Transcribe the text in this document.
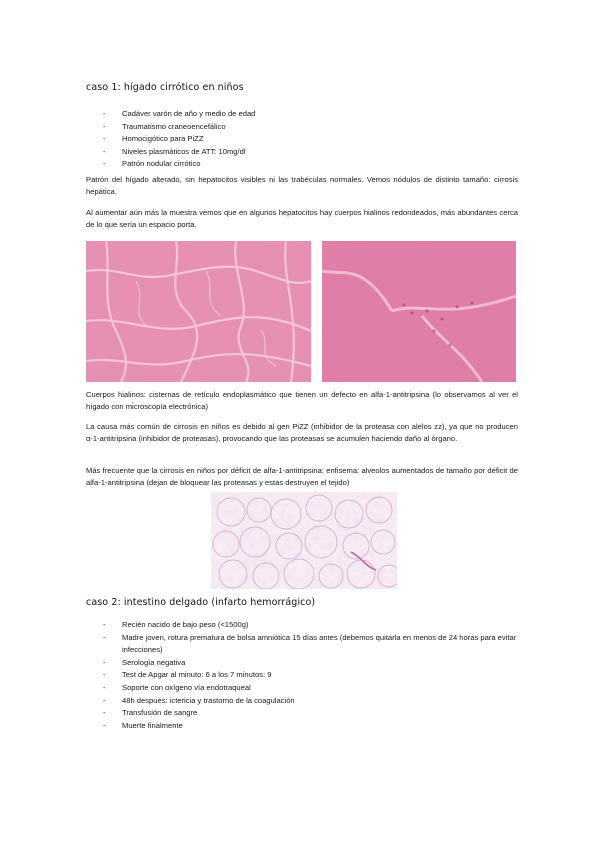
caso 1: hígado cirrótico en niños
- Cadáver varón de año y medio de edad
- Traumatismo craneoencefálico
- Homocigótico para PiZZ
- Niveles plasmáticos de ATT: 10mg/dl
- Patrón nodular cirrótico

Patrón del hígado alterado, sin hepatocitos visibles ni las trabéculas normales. Vemos nódulos de distinto tamaño: cirrosis hepática.

Al aumentar aún más la muestra vemos que en algunos hepatocitos hay cuerpos hialinos redondeados, más abundantes cerca de lo que sería un espacio porta.

Cuerpos hialinos: cisternas de retículo endoplasmático que tienen un defecto en alfa-1-antitripsina (lo observamos al ver el hígado con microscopía electrónica)

La causa más común de cirrosis en niños es debido al gen PiZZ (inhibidor de la proteasa con alelos zz), ya que no producen α-1-antitripsina (inhibidor de proteasas), provocando que las proteasas se acumulen haciendo daño al órgano.

Más frecuente que la cirrosis en niños por déficit de alfa-1-antitripsina: enfisema: alveolos aumentados de tamaño por déficit de alfa-1-antitripsina (dejan de bloquear las proteasas y estas destruyen el tejido)

caso 2: intestino delgado (infarto hemorrágico)
- Recién nacido de bajo peso (<1500g)
- Madre joven, rotura prematura de bolsa amniótica 15 días antes (debemos quitarla en menos de 24 horas para evitar infecciones)
- Serología negativa
- Test de Apgar al minuto: 6 a los 7 minutos: 9
- Soporte con oxígeno vía endotraqueal
- 48h después: ictericia y trastorno de la coagulación
- Transfusión de sangre
- Muerte finalmente
